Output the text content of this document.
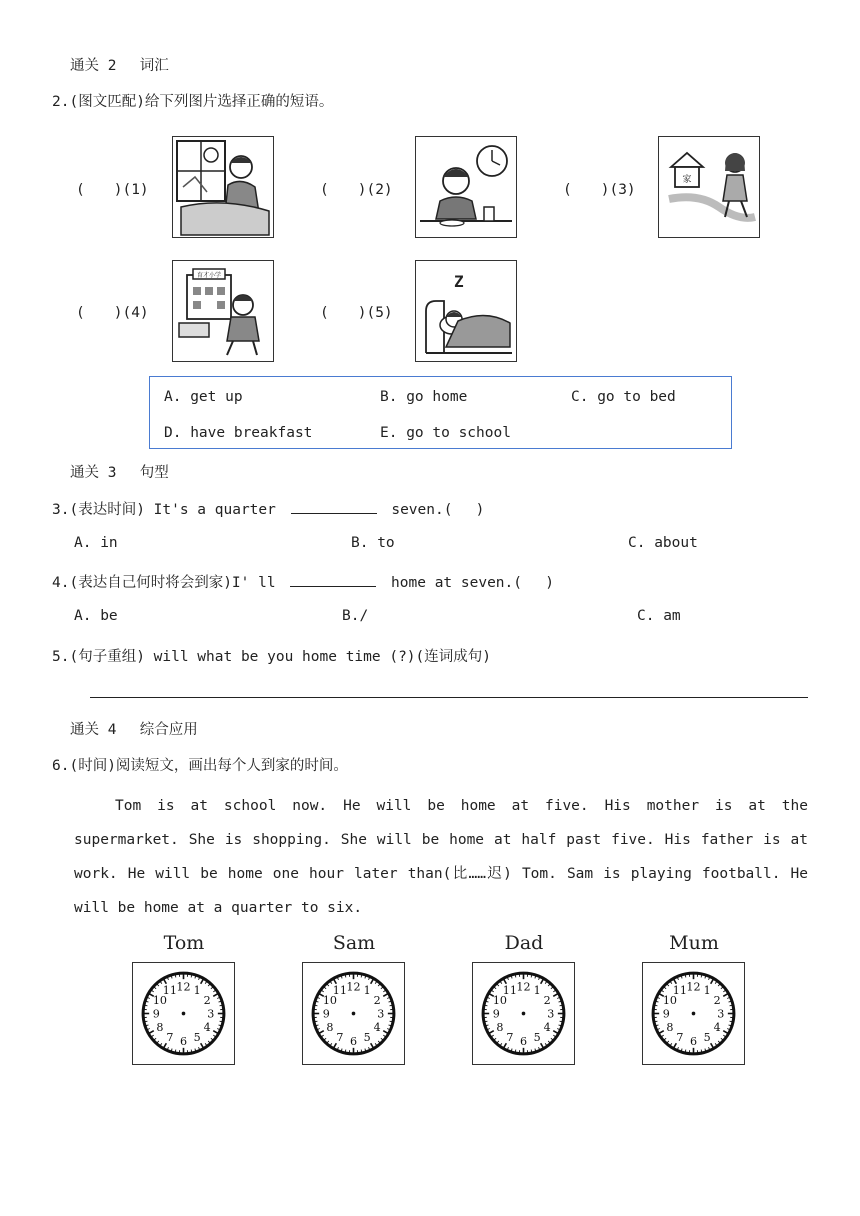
通关 2　 词汇
2.(图文匹配)给下列图片选择正确的短语。
(　　)(1)	(　　)(2)	(　　)(3)
家
(　　)(4)
育才小学
(　　)(5)
Z
A. get up	B. go home	C. go to bed
D. have breakfast	E. go to school
通关 3　 句型
3.(表达时间) It's a quarter	seven.(　 )
A. in	B. to	C. about
4.(表达自己何时将会到家)I' ll	home at seven.(　 )
A. be	B./	C. am
5.(句子重组) will what be you home time (?)(连词成句)
通关 4　 综合应用
6.(时间)阅读短文，画出每个人到家的时间。
Tom is at school now. He will be home at five. His mother is at the supermarket. She is shopping. She will be home at half past five. His father is at work. He will be home one hour later than(比……迟) Tom. Sam is playing football. He will be home at a quarter to six.
Tom	Sam	Dad	Mum
12 1
2
3
4
5
6
7
8
9
10
11	12 1
2
3
4
5
6
7
8
9
10
11	12 1
2
3
4
5
6
7
8
9
10
11	12 1
2
3
4
5
6
7
8
9
10
11
